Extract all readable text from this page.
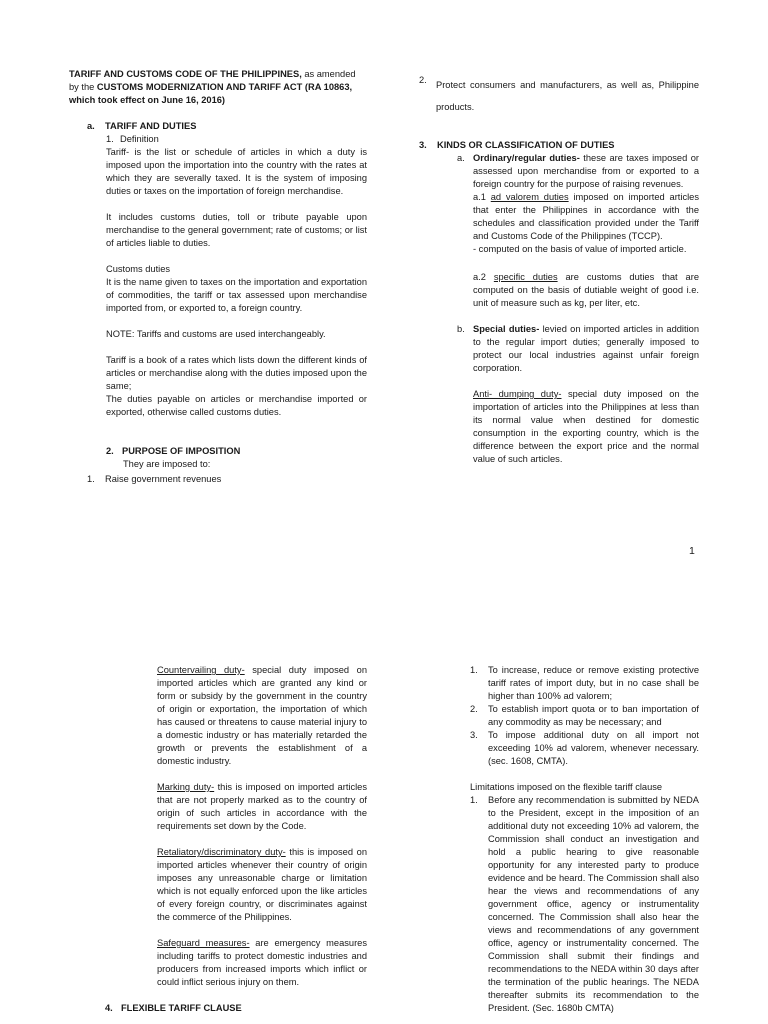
TARIFF AND CUSTOMS CODE OF THE PHILIPPINES, as amended by the CUSTOMS MODERNIZATION AND TARIFF ACT (RA 10863, which took effect on June 16, 2016)

a.	TARIFF AND DUTIES
1. Definition

Tariff- is the list or schedule of articles in which a duty is imposed upon the importation into the country with the rates at which they are severally taxed. It is the system of imposing duties or taxes on the importation of foreign merchandise.

It includes customs duties, toll or tribute payable upon merchandise to the general government; rate of customs; or list of articles liable to duties.

Customs duties

It is the name given to taxes on the importation and exportation of commodities, the tariff or tax assessed upon merchandise imported from, or exported to, a foreign country.

NOTE: Tariffs and customs are used interchangeably.

Tariff is a book of a rates which lists down the different kinds of articles or merchandise along with the duties imposed upon the same;

The duties payable on articles or merchandise imported or exported, otherwise called customs duties.

2. PURPOSE OF IMPOSITION

They are imposed to:

1.	Raise government revenues
2. Protect consumers and manufacturers, as well as, Philippine products.
3.	KINDS OR CLASSIFICATION OF DUTIES
a. Ordinary/regular duties- these are taxes imposed or assessed upon merchandise from or exported to a foreign country for the purpose of raising revenues.

a.1 ad valorem duties imposed on imported articles that enter the Philippines in accordance with the schedules and classification provided under the Tariff and Customs Code of the Philippines (TCCP).

- computed on the basis of value of imported article.

a.2 specific duties are customs duties that are computed on the basis of dutiable weight of good i.e. unit of measure such as kg, per liter, etc.

b. Special duties- levied on imported articles in addition to the regular import duties; generally imposed to protect our local industries against unfair foreign corporation.

Anti- dumping duty- special duty imposed on the importation of articles into the Philippines at less than its normal value when destined for domestic consumption in the exporting country, which is the difference between the export price and the normal value of such articles.

1

Countervailing duty- special duty imposed on imported articles which are granted any kind or form or subsidy by the government in the country of origin or exportation, the importation of which has caused or threatens to cause material injury to a domestic industry or has materially retarded the growth or prevents the establishment of a domestic industry.

Marking duty- this is imposed on imported articles that are not properly marked as to the country of origin of such articles in accordance with the requirements set down by the Code.

Retaliatory/discriminatory duty- this is imposed on imported articles whenever their country of origin imposes any unreasonable charge or limitation which is not equally enforced upon the like articles of every foreign country, or discriminates against the commerce of the Philippines.

Safeguard measures- are emergency measures including tariffs to protect domestic industries and producers from increased imports which inflict or could inflict serious injury on them.

4. FLEXIBLE TARIFF CLAUSE
1.	To increase, reduce or remove existing protective tariff rates of import duty, but in no case shall be higher than 100% ad valorem;
2.	To establish import quota or to ban importation of any commodity as may be necessary; and
3.	To impose additional duty on all import not exceeding 10% ad valorem, whenever necessary. (sec. 1608, CMTA).

Limitations imposed on the flexible tariff clause

1.	Before any recommendation is submitted by NEDA to the President, except in the imposition of an additional duty not exceeding 10% ad valorem, the Commission shall conduct an investigation and hold a public hearing to give reasonable opportunity for any interested party to produce evidence and be heard. The Commission shall also hear the views and recommendations of any government office, agency or instrumentality concerned. The Commission shall also hear the views and recommendations of any government office, agency or instrumentality concerned. The Commission shall submit their findings and recommendations to the NEDA within 30 days after the termination of the public hearings. The NEDA thereafter submits its recommendation to the President. (Sec. 1680b CMTA)
